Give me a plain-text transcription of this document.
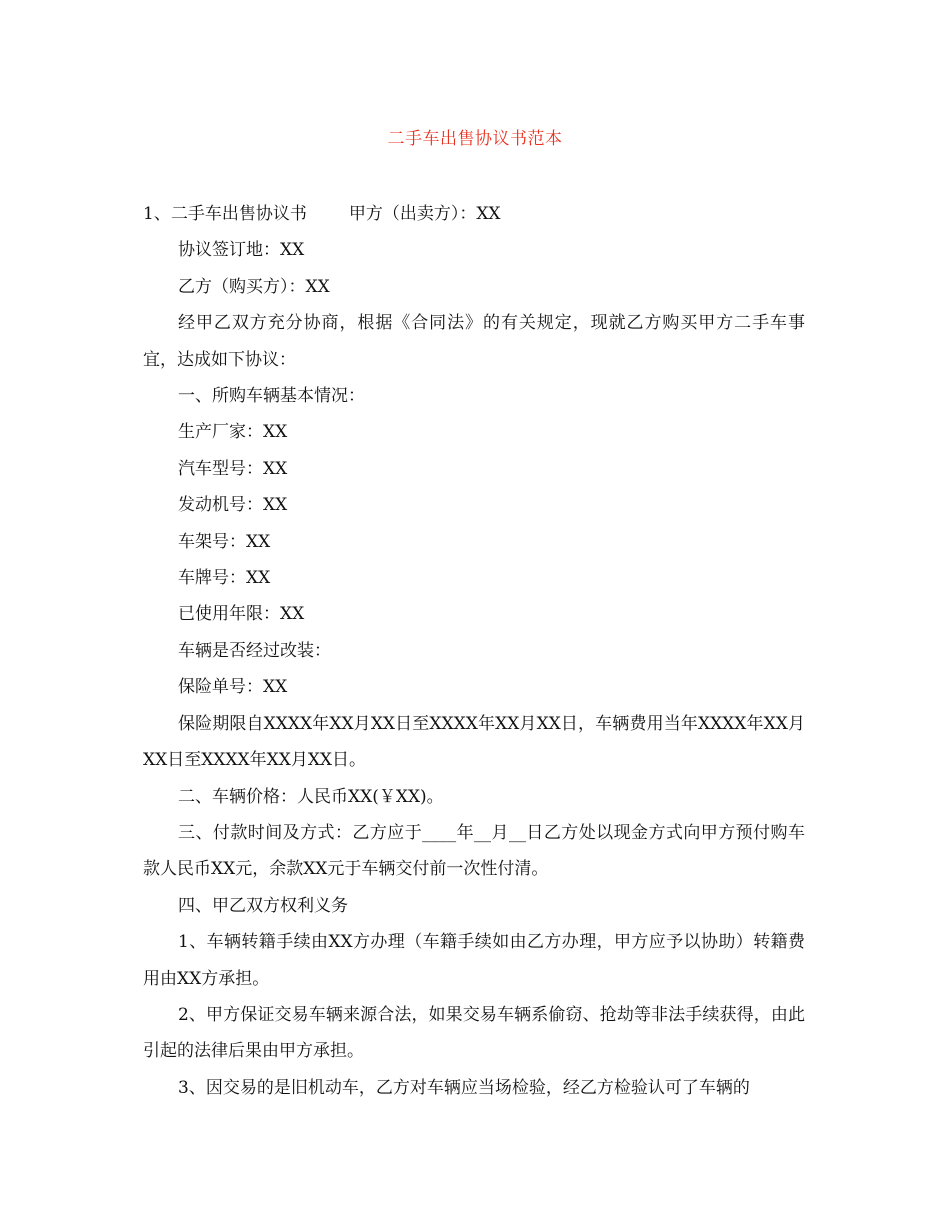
二手车出售协议书范本

1、二手车出售协议书 甲方（出卖方）：XX

协议签订地：XX

乙方（购买方）：XX

经甲乙双方充分协商，根据《合同法》的有关规定，现就乙方购买甲方二手车事宜，达成如下协议：

一、所购车辆基本情况：

生产厂家：XX

汽车型号：XX

发动机号：XX

车架号：XX

车牌号：XX

已使用年限：XX

车辆是否经过改装：

保险单号：XX

保险期限自XXXX年XX月XX日至XXXX年XX月XX日，车辆费用当年XXXX年XX月XX日至XXXX年XX月XX日。

二、车辆价格：人民币XX(￥XX)。

三、付款时间及方式：乙方应于____年__月__日乙方处以现金方式向甲方预付购车款人民币XX元，余款XX元于车辆交付前一次性付清。

四、甲乙双方权利义务

1、车辆转籍手续由XX方办理（车籍手续如由乙方办理，甲方应予以协助）转籍费用由XX方承担。

2、甲方保证交易车辆来源合法，如果交易车辆系偷窃、抢劫等非法手续获得，由此引起的法律后果由甲方承担。

3、因交易的是旧机动车，乙方对车辆应当场检验，经乙方检验认可了车辆的
